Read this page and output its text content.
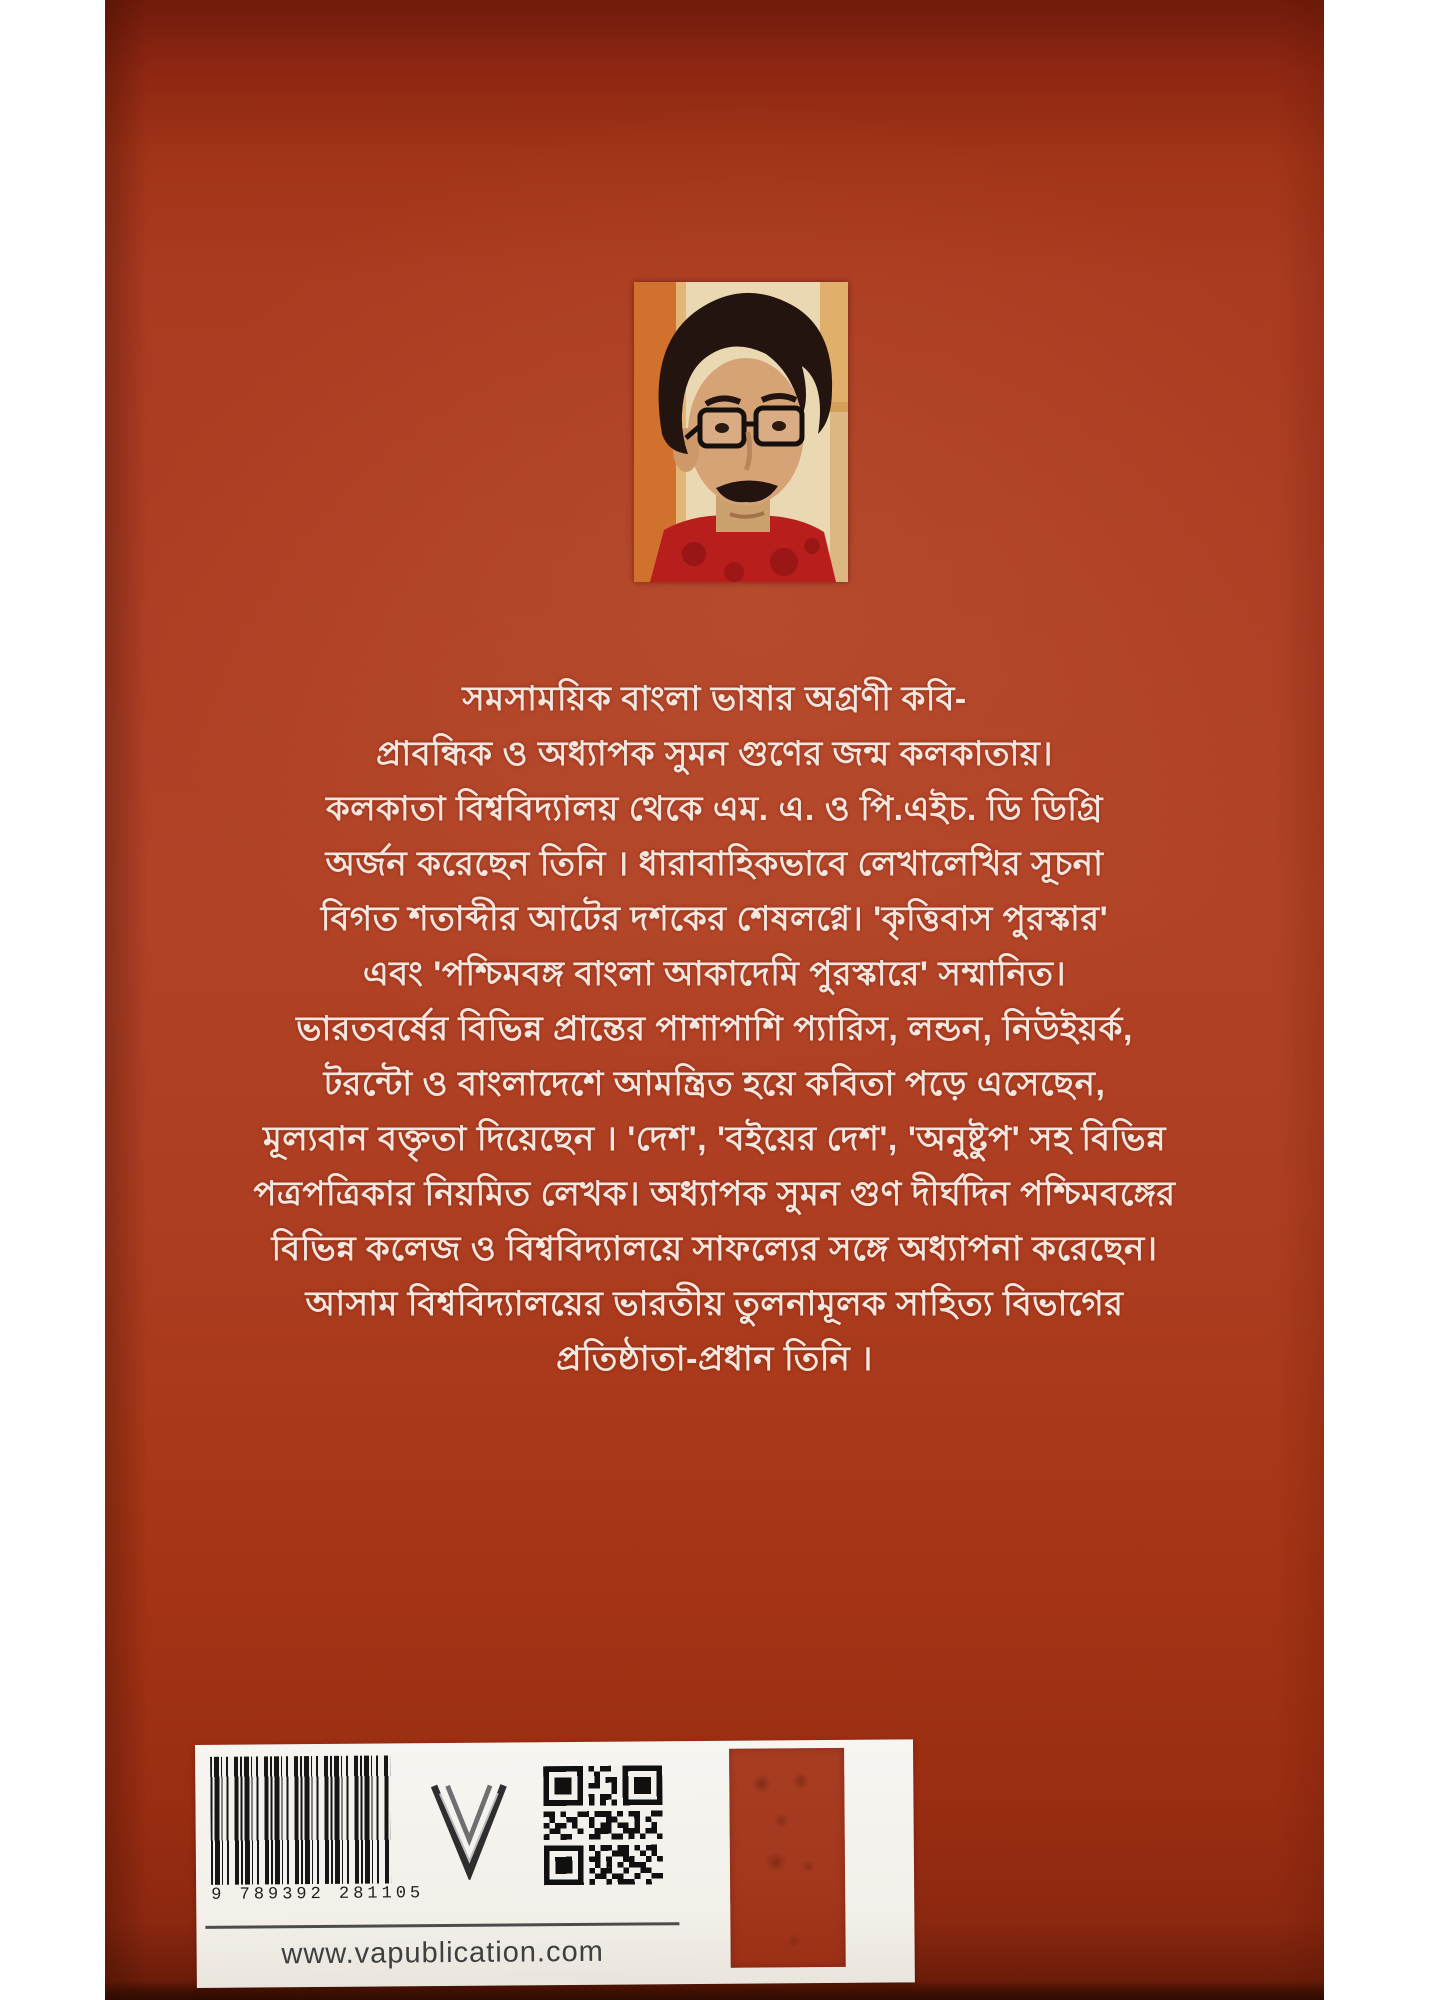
সমসাময়িক বাংলা ভাষার অগ্রণী কবি-
প্রাবন্ধিক ও অধ্যাপক সুমন গুণের জন্ম কলকাতায়।
কলকাতা বিশ্ববিদ্যালয় থেকে এম. এ. ও পি.এইচ. ডি ডিগ্রি
অর্জন করেছেন তিনি । ধারাবাহিকভাবে লেখালেখির সূচনা
বিগত শতাব্দীর আটের দশকের শেষলগ্নে। 'কৃত্তিবাস পুরস্কার'
এবং 'পশ্চিমবঙ্গ বাংলা আকাদেমি পুরস্কারে' সম্মানিত।
ভারতবর্ষের বিভিন্ন প্রান্তের পাশাপাশি প্যারিস, লন্ডন, নিউইয়র্ক,
টরন্টো ও বাংলাদেশে আমন্ত্রিত হয়ে কবিতা পড়ে এসেছেন,
মূল্যবান বক্তৃতা দিয়েছেন । 'দেশ', 'বইয়ের দেশ', 'অনুষ্টুপ' সহ বিভিন্ন
পত্রপত্রিকার নিয়মিত লেখক। অধ্যাপক সুমন গুণ দীর্ঘদিন পশ্চিমবঙ্গের
বিভিন্ন কলেজ ও বিশ্ববিদ্যালয়ে সাফল্যের সঙ্গে অধ্যাপনা করেছেন।
আসাম বিশ্ববিদ্যালয়ের ভারতীয় তুলনামূলক সাহিত্য বিভাগের
প্রতিষ্ঠাতা-প্রধান তিনি ।
9 789392 281105
www.vapublication.com
